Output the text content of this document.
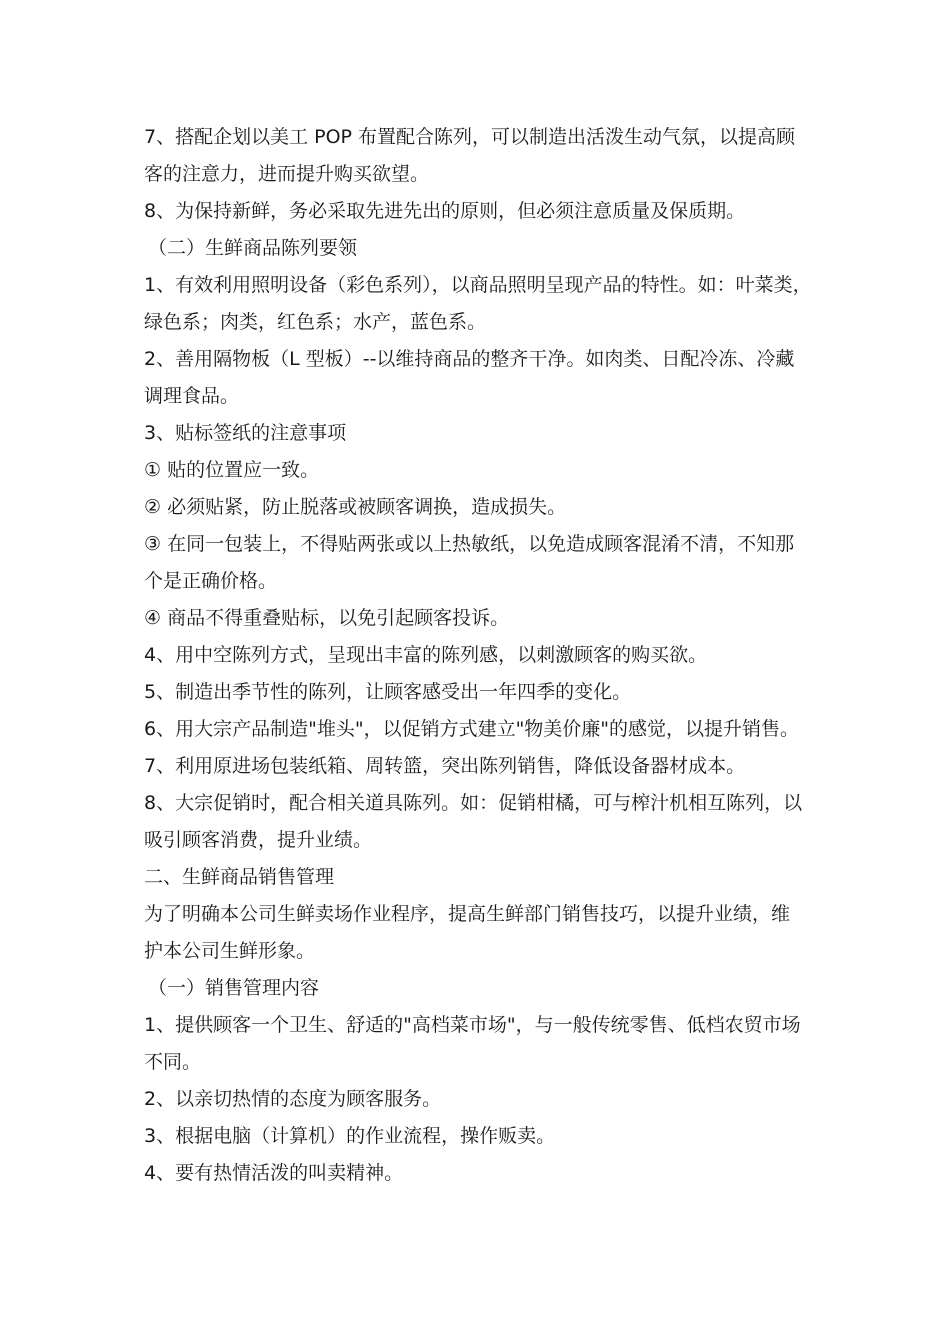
7、搭配企划以美工 POP 布置配合陈列，可以制造出活泼生动气氛，以提高顾
客的注意力，进而提升购买欲望。
8、为保持新鲜，务必采取先进先出的原则，但必须注意质量及保质期。
（二）生鲜商品陈列要领
1、有效利用照明设备（彩色系列），以商品照明呈现产品的特性。如：叶菜类，
绿色系；肉类，红色系；水产，蓝色系。
2、善用隔物板（L 型板）--以维持商品的整齐干净。如肉类、日配冷冻、冷藏
调理食品。
3、贴标签纸的注意事项
① 贴的位置应一致。
② 必须贴紧，防止脱落或被顾客调换，造成损失。
③ 在同一包装上，不得贴两张或以上热敏纸，以免造成顾客混淆不清，不知那
个是正确价格。
④ 商品不得重叠贴标，以免引起顾客投诉。
4、用中空陈列方式，呈现出丰富的陈列感，以刺激顾客的购买欲。
5、制造出季节性的陈列，让顾客感受出一年四季的变化。
6、用大宗产品制造"堆头"，以促销方式建立"物美价廉"的感觉，以提升销售。
7、利用原进场包装纸箱、周转篮，突出陈列销售，降低设备器材成本。
8、大宗促销时，配合相关道具陈列。如：促销柑橘，可与榨汁机相互陈列，以
吸引顾客消费，提升业绩。
二、生鲜商品销售管理
为了明确本公司生鲜卖场作业程序，提高生鲜部门销售技巧，以提升业绩，维
护本公司生鲜形象。
（一）销售管理内容
1、提供顾客一个卫生、舒适的"高档菜市场"，与一般传统零售、低档农贸市场
不同。
2、以亲切热情的态度为顾客服务。
3、根据电脑（计算机）的作业流程，操作贩卖。
4、要有热情活泼的叫卖精神。
